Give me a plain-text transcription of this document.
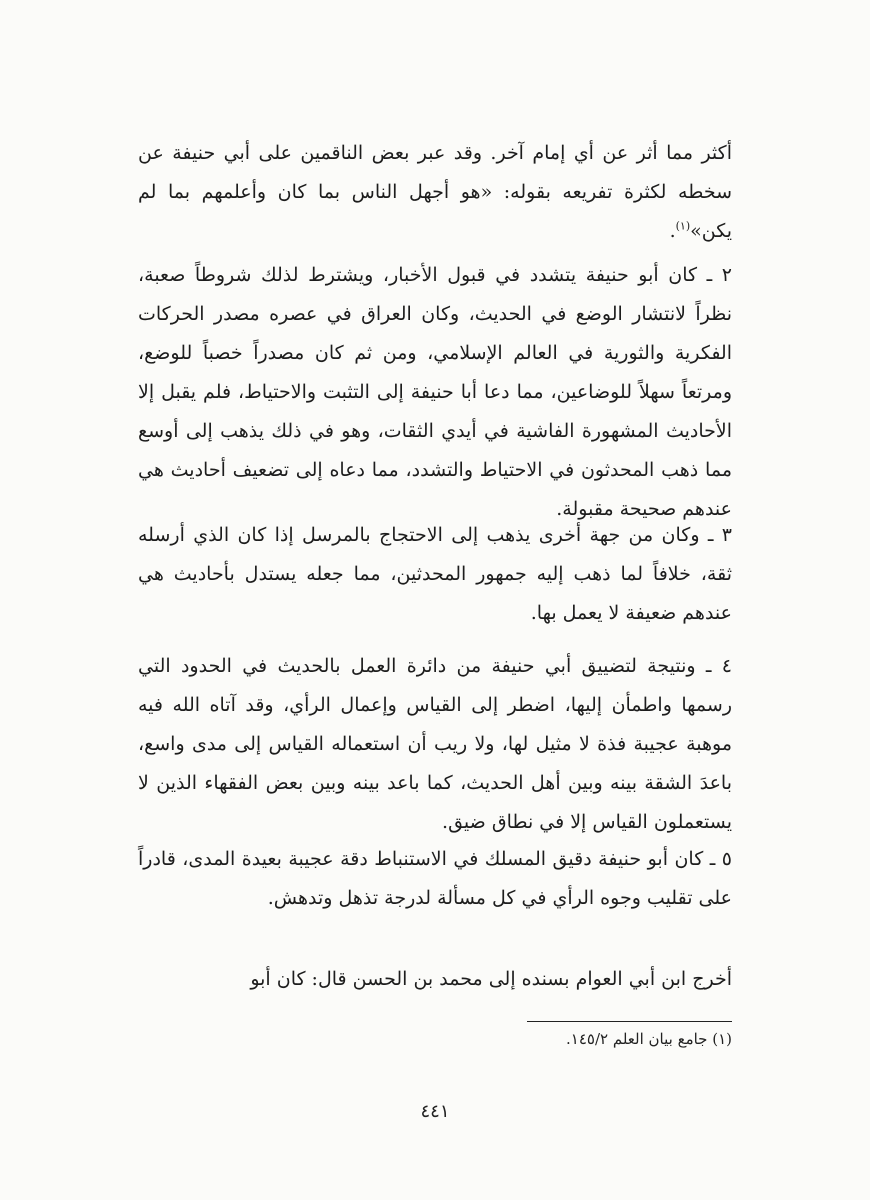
أكثر مما أثر عن أي إمام آخر. وقد عبر بعض الناقمين على أبي حنيفة عن سخطه لكثرة تفريعه بقوله: «هو أجهل الناس بما كان وأعلمهم بما لم يكن»$^{(١)}$.

٢ ـ كان أبو حنيفة يتشدد في قبول الأخبار، ويشترط لذلك شروطاً صعبة، نظراً لانتشار الوضع في الحديث، وكان العراق في عصره مصدر الحركات الفكرية والثورية في العالم الإسلامي، ومن ثم كان مصدراً خصباً للوضع، ومرتعاً سهلاً للوضاعين، مما دعا أبا حنيفة إلى التثبت والاحتياط، فلم يقبل إلا الأحاديث المشهورة الفاشية في أيدي الثقات، وهو في ذلك يذهب إلى أوسع مما ذهب المحدثون في الاحتياط والتشدد، مما دعاه إلى تضعيف أحاديث هي عندهم صحيحة مقبولة.

٣ ـ وكان من جهة أخرى يذهب إلى الاحتجاج بالمرسل إذا كان الذي أرسله ثقة، خلافاً لما ذهب إليه جمهور المحدثين، مما جعله يستدل بأحاديث هي عندهم ضعيفة لا يعمل بها.

٤ ـ ونتيجة لتضييق أبي حنيفة من دائرة العمل بالحديث في الحدود التي رسمها واطمأن إليها، اضطر إلى القياس وإعمال الرأي، وقد آتاه الله فيه موهبة عجيبة فذة لا مثيل لها، ولا ريب أن استعماله القياس إلى مدى واسع، باعدَ الشقة بينه وبين أهل الحديث، كما باعد بينه وبين بعض الفقهاء الذين لا يستعملون القياس إلا في نطاق ضيق.

٥ ـ كان أبو حنيفة دقيق المسلك في الاستنباط دقة عجيبة بعيدة المدى، قادراً على تقليب وجوه الرأي في كل مسألة لدرجة تذهل وتدهش.

أخرج ابن أبي العوام بسنده إلى محمد بن الحسن قال: كان أبو

(١) جامع بيان العلم ١٤٥/٢.
٤٤١
